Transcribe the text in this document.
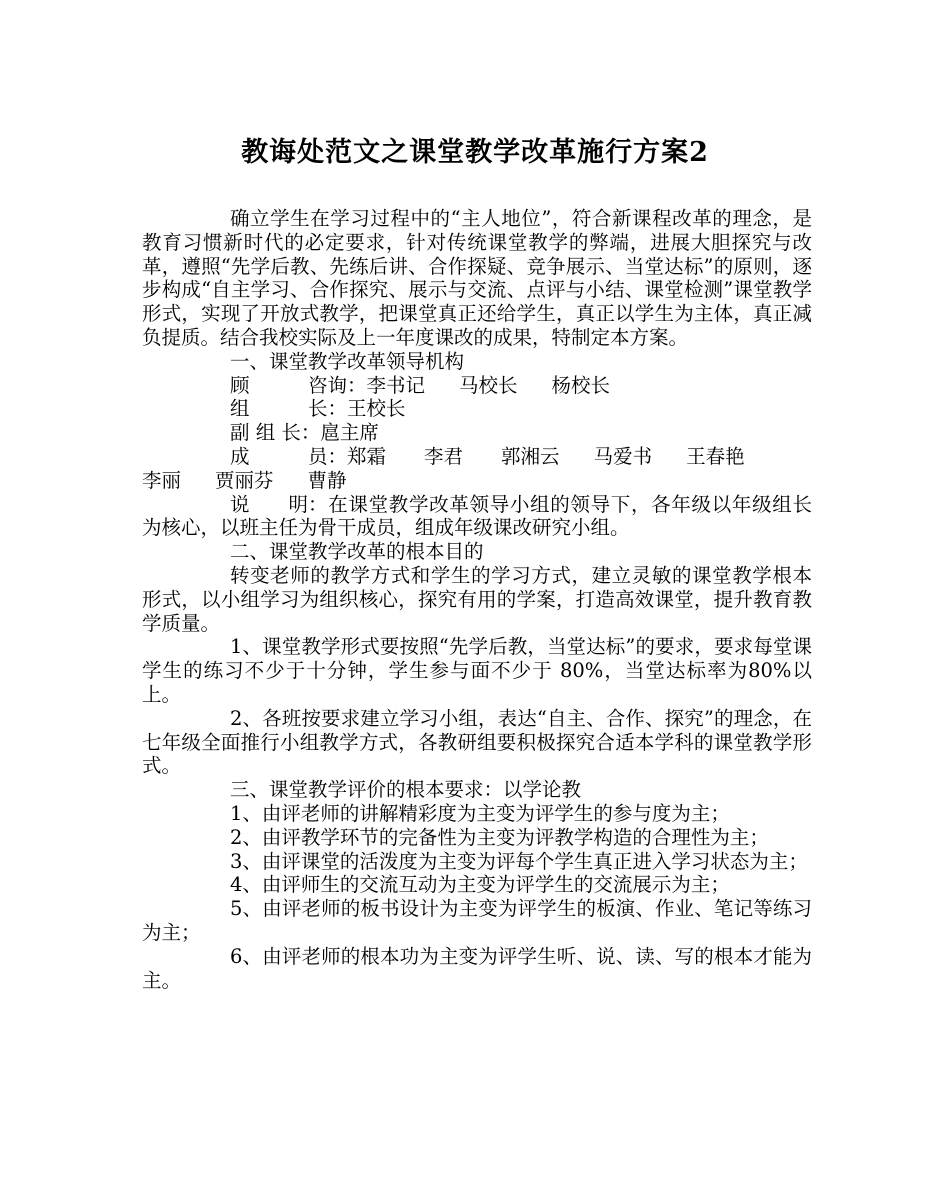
教诲处范文之课堂教学改革施行方案2

确立学生在学习过程中的“主人地位”，符合新课程改革的理念，是教育习惯新时代的必定要求，针对传统课堂教学的弊端，进展大胆探究与改革，遵照“先学后教、先练后讲、合作探疑、竞争展示、当堂达标”的原则，逐步构成“自主学习、合作探究、展示与交流、点评与小结、课堂检测”课堂教学形式，实现了开放式教学，把课堂真正还给学生，真正以学生为主体，真正减负提质。结合我校实际及上一年度课改的成果，特制定本方案。

一、课堂教学改革领导机构

顾　　　咨询：李书记 马校长 杨校长

组　　　长：王校长

副 组 长：扈主席

成　　　员：郑霜 李君 郭湘云 马爱书 王春艳李丽 贾丽芬 曹静

说　　明：在课堂教学改革领导小组的领导下，各年级以年级组长为核心，以班主任为骨干成员，组成年级课改研究小组。

二、课堂教学改革的根本目的

转变老师的教学方式和学生的学习方式，建立灵敏的课堂教学根本形式，以小组学习为组织核心，探究有用的学案，打造高效课堂，提升教育教学质量。

1、课堂教学形式要按照“先学后教，当堂达标”的要求，要求每堂课学生的练习不少于十分钟，学生参与面不少于 80%，当堂达标率为80%以上。

2、各班按要求建立学习小组，表达“自主、合作、探究”的理念，在七年级全面推行小组教学方式，各教研组要积极探究合适本学科的课堂教学形式。

三、课堂教学评价的根本要求：以学论教

1、由评老师的讲解精彩度为主变为评学生的参与度为主；

2、由评教学环节的完备性为主变为评教学构造的合理性为主；

3、由评课堂的活泼度为主变为评每个学生真正进入学习状态为主；

4、由评师生的交流互动为主变为评学生的交流展示为主；

5、由评老师的板书设计为主变为评学生的板演、作业、笔记等练习为主；

6、由评老师的根本功为主变为评学生听、说、读、写的根本才能为主。
